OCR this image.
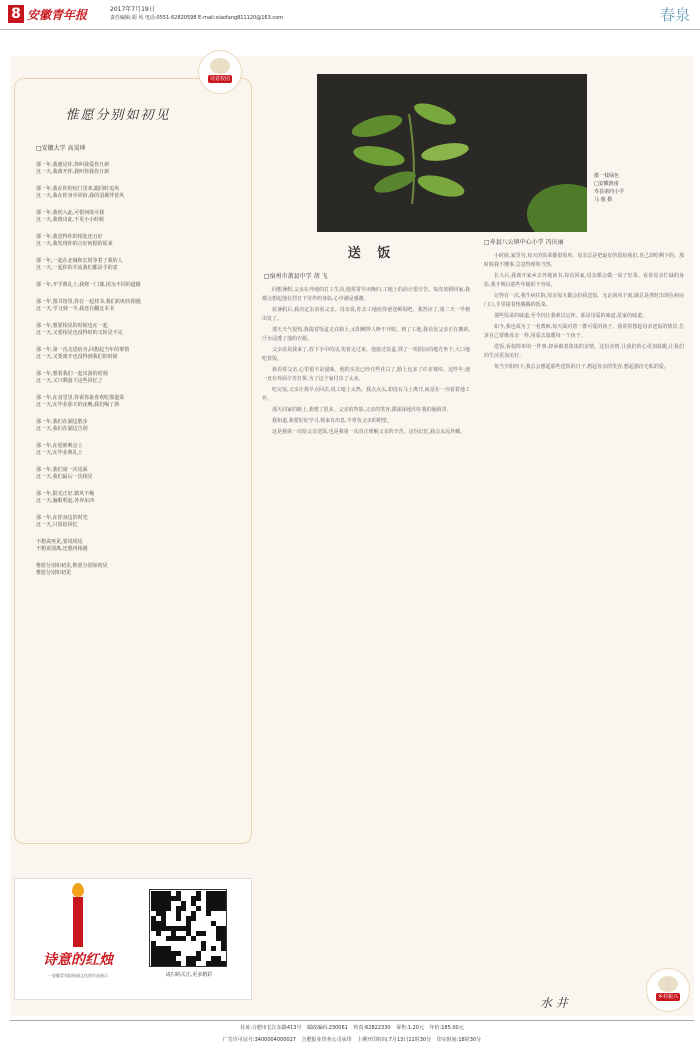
8 安徽青年报	2017年7月19日
责任编辑:胡 风 电话:0551-62820598 E-mail:xiaofang811120@163.com	春泉
诗意校园
惟愿分别如初见
□安徽大学 高昊坤
那一年,我遇见你,你叫我爱你且新
这一天,我离开你,我叫你我你且新
那一年,我在你的校门里欢,跟同时追风
这一天,我在你身旁同宿,我的羽翼伴着风
那一年,我初入此,可恨何故可我
这一天,我将出此,不见小小时候
那一年,我觉得你的相处还且好
这一天,我发现你的言好何据的原来
那一年,一起在北城和长时等着了我的人
这一天,一起你的并流我们都是手的意
那一年,开学典礼上,我将一门课,因为不同的道路
那一年,图书馆里,你在一起找书,我们的初次相遇
这一天,学习到一半,我还在翻这本书
那一年,想要相见的时候也在一起
这一天,又要相见也没得时的又转见不完
那一年,第一次走进宿舍,回想起当年的事情
这一天,又要离开也没得到我们的时候
那一年,想着我们一起出游的时刻
这一天,又只剩落下这些回忆了
那一年,在食堂里,你说你最喜欢吃那道菜
这一天,在毕业那天的夜晚,我们喝了酒
那一年,我们在湖边散步
这一天,我们在湖边告别
那一年,在迎新晚会上
这一天,在毕业典礼上
那一年,我们第一次见面
这一天,我们最后一次相见
那一年,阳光正好,微风不燥
这一天,骊歌唱起,各奔东西
那一年,在你身边的时光
这一天,只留给回忆
不想说再见,要说相见
不想说别离,还想再相遇
惟愿分别如初见,惟愿分别如初见
惟愿分别如初见
诗意的红烛
一安徽青年报校园文化创作品展示	请扫码关注,更多精彩
摄一枝绿色
□安徽淮南
寿县第四小学
马 俊 摄
送 饭
□宿州市萧县中学 胡 飞

回想暑假,父亲在外地的打工生活,他常常早出晚归,工地上的活计很辛苦。每次放假回家,我都会想起他在烈日下劳作的身影,心中满是感激。

放暑假后,我决定去看看父亲。母亲说,你去工地给你爸送顿饭吧。我答应了,第二天一早便出发了。

那天天气很热,我提着饭盒走在路上,太阳晒得人睁不开眼。到了工地,我看见父亲正在搬砖,汗水浸透了他的衣服。

父亲看见我来了,放下手中的活,笑着走过来。他接过饭盒,找了一块阴凉的地方坐下,大口地吃着饭。

我看着父亲,心里很不是滋味。他的头发已经有些花白了,脸上也多了许多皱纹。这些年,他一直在外面辛苦打拼,为了这个家付出了太多。

吃完饭,父亲让我早点回去,说工地上太热。我点点头,却没有马上离开,而是在一旁看着他工作。

那天回家的路上,我想了很多。父亲的背影,父亲的笑容,都深深地印在我的脑海里。

我知道,我要好好学习,将来有出息,不辜负父亲的期望。

这是我第一次给父亲送饭,也是我第一次真正理解父亲的辛苦。这份记忆,我会永远珍藏。

□寿县八公镇中心小学 冯庆丽

小时候,家里穷,每天的饭菜都很简单。母亲总是把最好的留给我们,自己却吃剩下的。那时候我不懂事,总觉得理所当然。

长大后,我离开家乡去外地读书,每次回家,母亲都会做一桌子好菜。看着母亲忙碌的身影,我才明白那些年她的不容易。

记得有一次,我生病住院,母亲每天都会给我送饭。无论刮风下雨,她总是准时出现在病房门口,手里提着热腾腾的饭菜。

那些饭菜的味道,至今仍让我难以忘怀。那是母爱的味道,是家的味道。

如今,我也成为了一名教师,每天面对着一群可爱的孩子。我常常想起母亲送饭的情景,告诉自己要像母亲一样,用爱去温暖每一个孩子。

送饭,看似简单的一件事,却承载着浓浓的亲情。这份亲情,让我们的心更加温暖,让我们的生活更加美好。

每当夕阳西下,我总会想起那些送饭的日子,想起母亲的笑容,想起那份无私的爱。

水 井	乡村振兴
社址:合肥市长江东路413号 邮政编码:230061 传真:62822330 零售:1.20元 年价:185.00元
广告许可证号:3400004000027 合肥报业印务公司承印 上期开印时间:7月13日11时30分 印完时间:18时30分
